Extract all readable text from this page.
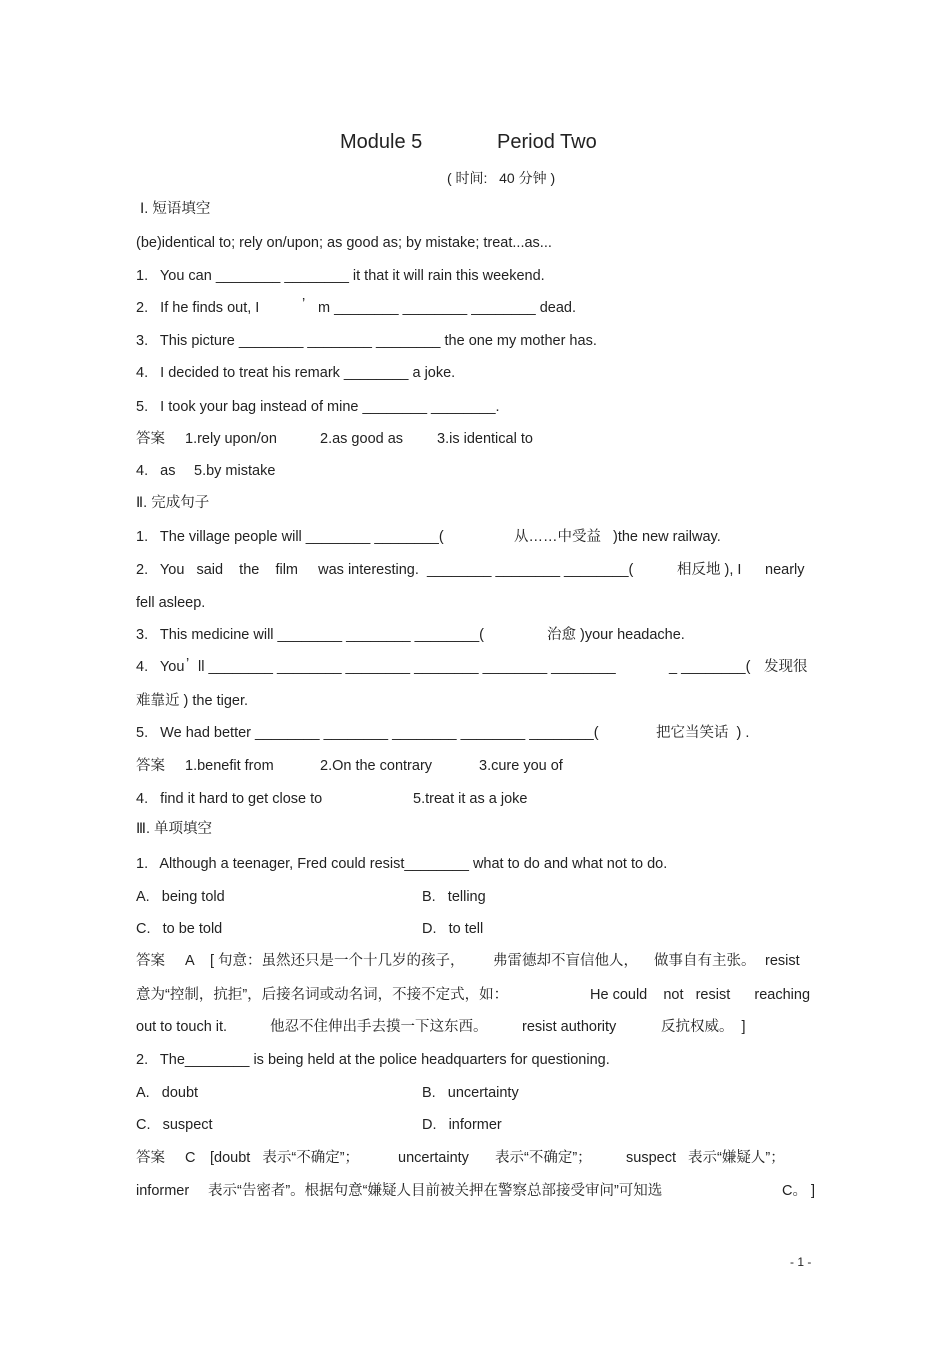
Module 5	Period Two
( 时间:   40 分钟 )
Ⅰ. 短语填空
(be)identical to; rely on/upon; as good as; by mistake; treat...as...
1.   You can ________ ________ it that it will rain this weekend.
2.   If he finds out, I	’ m ________ ________ ________ dead.
3.   This picture ________ ________ ________ the one my mother has.
4.   I decided to treat his remark ________ a joke.
5.   I took your bag instead of mine ________ ________.
答案 1.rely upon/on	2.as good as 3.is identical to
4.   as 5.by mistake
Ⅱ. 完成句子
1.   The village people will ________ ________(	从……中受益 )the new railway.
2.   You   said    the    film     was interesting.  ________ ________ ________(	相反地 ), I nearly
fell asleep.
3.   This medicine will ________ ________ ________(	治愈 )your headache.
4.   You ’ ll ________ ________ ________ ________ ________ ________	_ ________( 发现很
难靠近 ) the tiger.
5.   We had better ________ ________ ________ ________ ________(	把它当笑话  ) .
答案 1.benefit from	2.On the contrary	3.cure you of
4.   find it hard to get close to	5.treat it as a joke
Ⅲ. 单项填空
1.   Although a teenager, Fred could resist________ what to do and what not to do.
A.   being told	B.   telling
C.   to be told	D.   to tell
答案 A [ 句意：虽然还只是一个十几岁的孩子， 弗雷德却不盲信他人， 做事自有主张。 resist
意为“控制，抗拒”，后接名词或动名词，不接不定式，如：	He could    not   resist      reaching
out to touch it.	他忍不住伸出手去摸一下这东西。 resist authority	反抗权威。  ]
2.   The________ is being held at the police headquarters for questioning.
A.   doubt	B.   uncertainty
C.   suspect	D.   informer
答案 C [doubt   表示“不确定”；	uncertainty 表示“不确定”； suspect   表示“嫌疑人”；
informer 表示“告密者”。根据句意“嫌疑人目前被关押在警察总部接受审问”可知选	C。 ]
- 1 -
